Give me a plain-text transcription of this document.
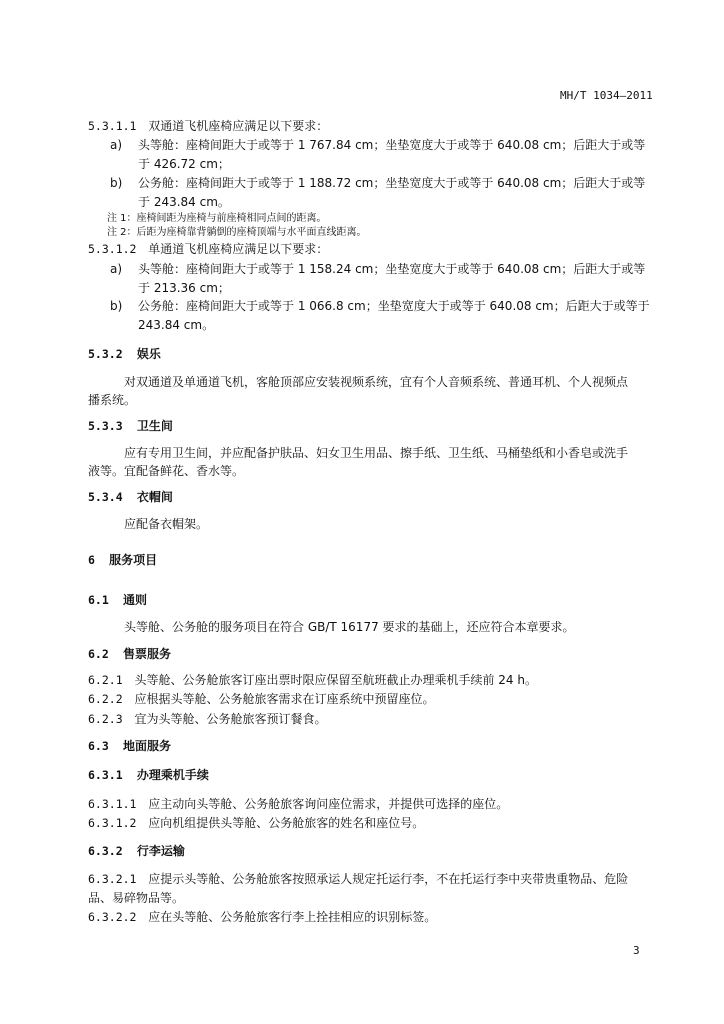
MH/T 1034—2011
5.3.1.1 双通道飞机座椅应满足以下要求：
a) 头等舱：座椅间距大于或等于 1 767.84 cm；坐垫宽度大于或等于 640.08 cm；后距大于或等
于 426.72 cm；
b) 公务舱：座椅间距大于或等于 1 188.72 cm；坐垫宽度大于或等于 640.08 cm；后距大于或等
于 243.84 cm。
注 1：座椅间距为座椅与前座椅相同点间的距离。
注 2：后距为座椅靠背躺倒的座椅顶端与水平面直线距离。
5.3.1.2 单通道飞机座椅应满足以下要求：
a) 头等舱：座椅间距大于或等于 1 158.24 cm；坐垫宽度大于或等于 640.08 cm；后距大于或等
于 213.36 cm；
b) 公务舱：座椅间距大于或等于 1 066.8 cm；坐垫宽度大于或等于 640.08 cm；后距大于或等于
243.84 cm。
5.3.2 娱乐
对双通道及单通道飞机，客舱顶部应安装视频系统，宜有个人音频系统、普通耳机、个人视频点
播系统。
5.3.3 卫生间
应有专用卫生间，并应配备护肤品、妇女卫生用品、擦手纸、卫生纸、马桶垫纸和小香皂或洗手
液等。宜配备鲜花、香水等。
5.3.4 衣帽间
应配备衣帽架。
6 服务项目
6.1 通则
头等舱、公务舱的服务项目在符合 GB/T 16177 要求的基础上，还应符合本章要求。
6.2 售票服务
6.2.1 头等舱、公务舱旅客订座出票时限应保留至航班截止办理乘机手续前 24 h。
6.2.2 应根据头等舱、公务舱旅客需求在订座系统中预留座位。
6.2.3 宜为头等舱、公务舱旅客预订餐食。
6.3 地面服务
6.3.1 办理乘机手续
6.3.1.1 应主动向头等舱、公务舱旅客询问座位需求，并提供可选择的座位。
6.3.1.2 应向机组提供头等舱、公务舱旅客的姓名和座位号。
6.3.2 行李运输
6.3.2.1 应提示头等舱、公务舱旅客按照承运人规定托运行李，不在托运行李中夹带贵重物品、危险
品、易碎物品等。
6.3.2.2 应在头等舱、公务舱旅客行李上拴挂相应的识别标签。
3
